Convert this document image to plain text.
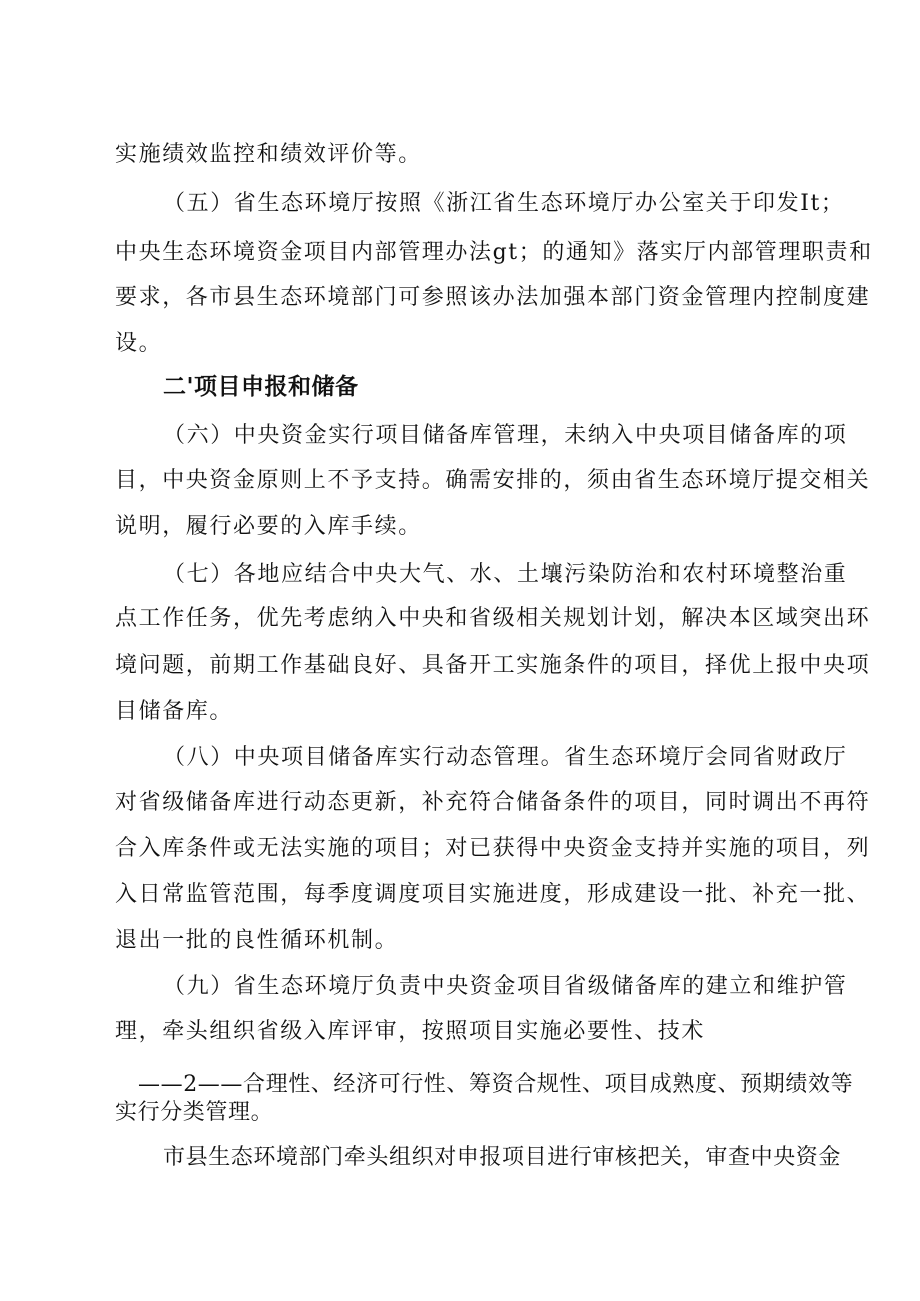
实施绩效监控和绩效评价等。
（五）省生态环境厅按照《浙江省生态环境厅办公室关于印发It；
中央生态环境资金项目内部管理办法gt；的通知》落实厅内部管理职责和
要求，各市县生态环境部门可参照该办法加强本部门资金管理内控制度建
设。
二'项目申报和储备
（六）中央资金实行项目储备库管理，未纳入中央项目储备库的项
目，中央资金原则上不予支持。确需安排的，须由省生态环境厅提交相关
说明，履行必要的入库手续。
（七）各地应结合中央大气、水、土壤污染防治和农村环境整治重
点工作任务，优先考虑纳入中央和省级相关规划计划，解决本区域突出环
境问题，前期工作基础良好、具备开工实施条件的项目，择优上报中央项
目储备库。
（八）中央项目储备库实行动态管理。省生态环境厅会同省财政厅
对省级储备库进行动态更新，补充符合储备条件的项目，同时调出不再符
合入库条件或无法实施的项目；对已获得中央资金支持并实施的项目，列
入日常监管范围，每季度调度项目实施进度，形成建设一批、补充一批、
退出一批的良性循环机制。
（九）省生态环境厅负责中央资金项目省级储备库的建立和维护管
理，牵头组织省级入库评审，按照项目实施必要性、技术
——2——合理性、经济可行性、筹资合规性、项目成熟度、预期绩效等
实行分类管理。
市县生态环境部门牵头组织对申报项目进行审核把关，审查中央资金
